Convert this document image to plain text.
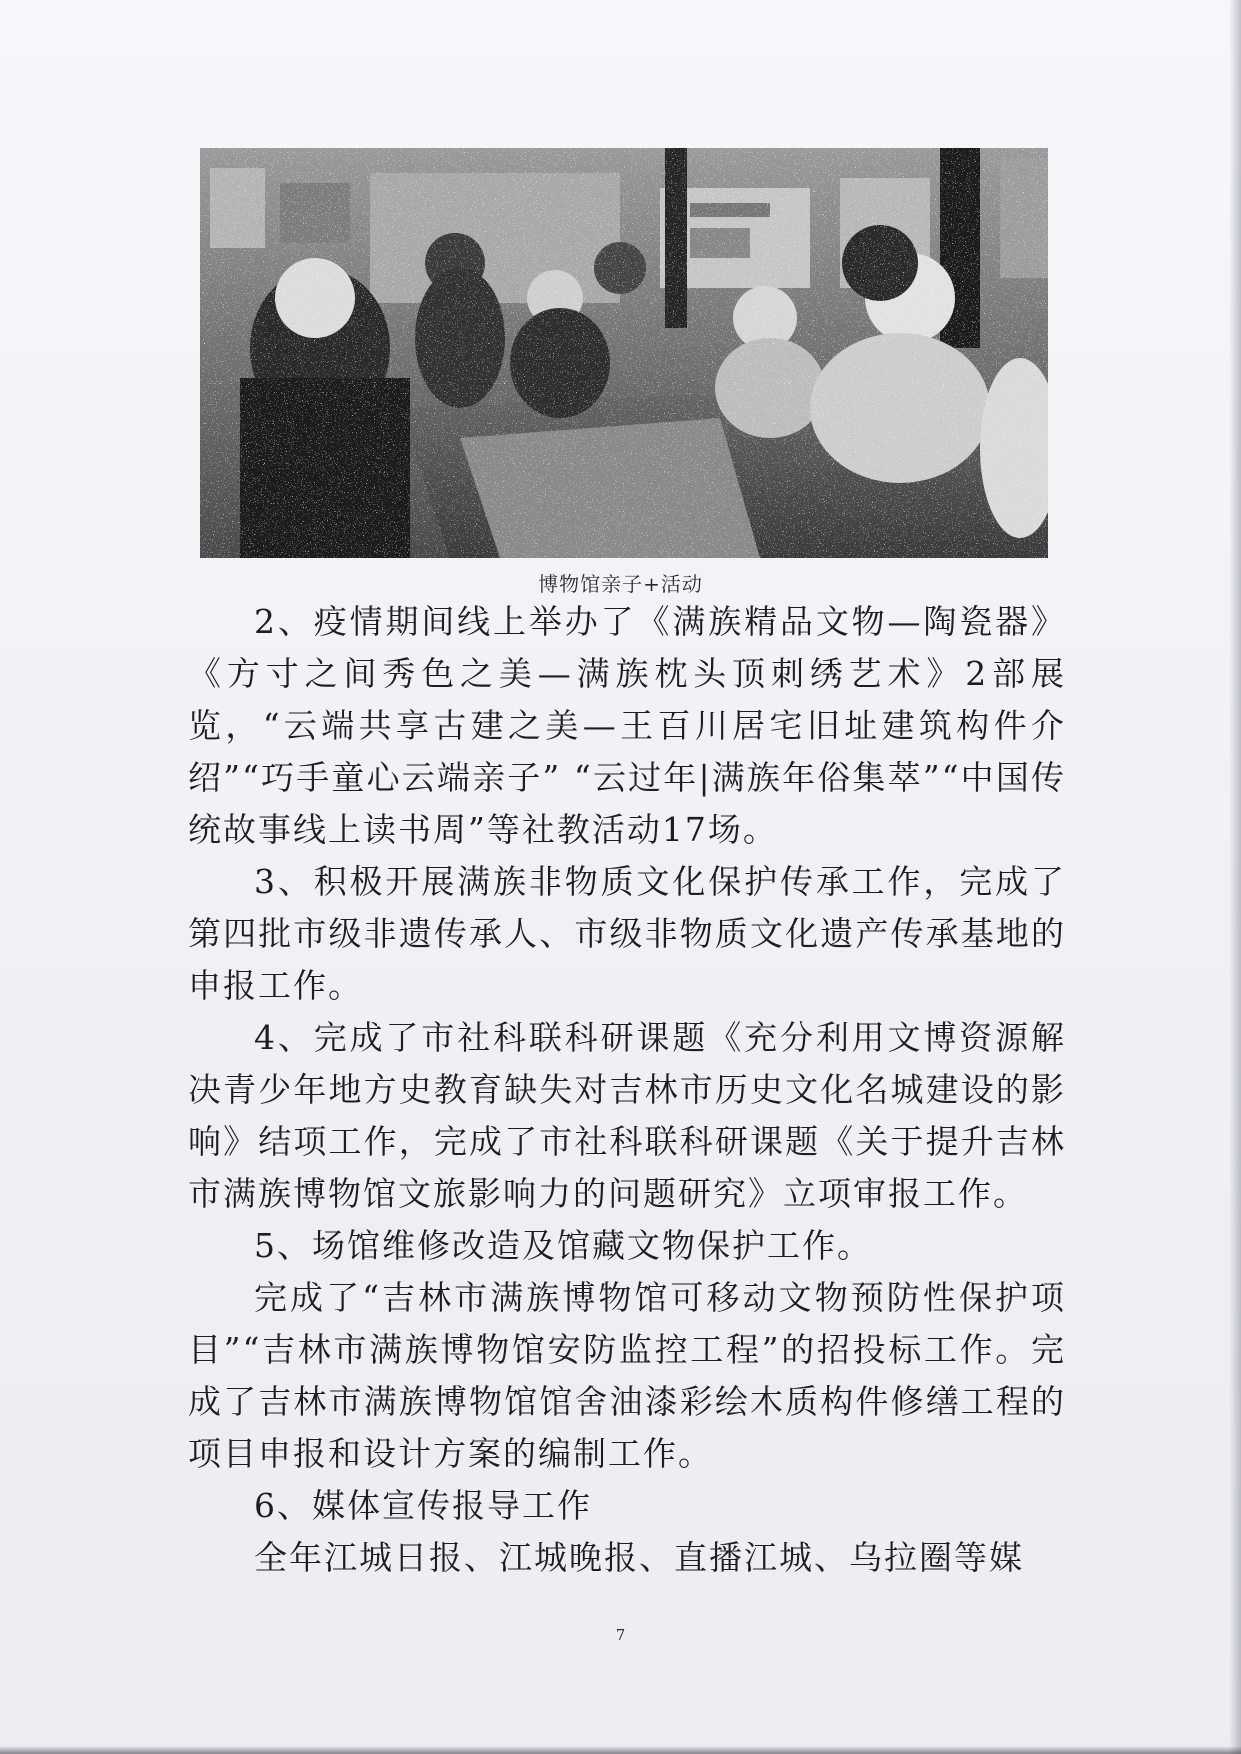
博物馆亲子+活动

2、疫情期间线上举办了《满族精品文物—陶瓷器》《方寸之间秀色之美—满族枕头顶刺绣艺术》2部展览，“云端共享古建之美—王百川居宅旧址建筑构件介绍”“巧手童心云端亲子” “云过年|满族年俗集萃”“中国传统故事线上读书周”等社教活动17场。

3、积极开展满族非物质文化保护传承工作，完成了第四批市级非遗传承人、市级非物质文化遗产传承基地的申报工作。

4、完成了市社科联科研课题《充分利用文博资源解决青少年地方史教育缺失对吉林市历史文化名城建设的影响》结项工作，完成了市社科联科研课题《关于提升吉林市满族博物馆文旅影响力的问题研究》立项审报工作。

5、场馆维修改造及馆藏文物保护工作。

完成了“吉林市满族博物馆可移动文物预防性保护项目”“吉林市满族博物馆安防监控工程”的招投标工作。完成了吉林市满族博物馆馆舍油漆彩绘木质构件修缮工程的项目申报和设计方案的编制工作。

6、媒体宣传报导工作

全年江城日报、江城晚报、直播江城、乌拉圈等媒

7
